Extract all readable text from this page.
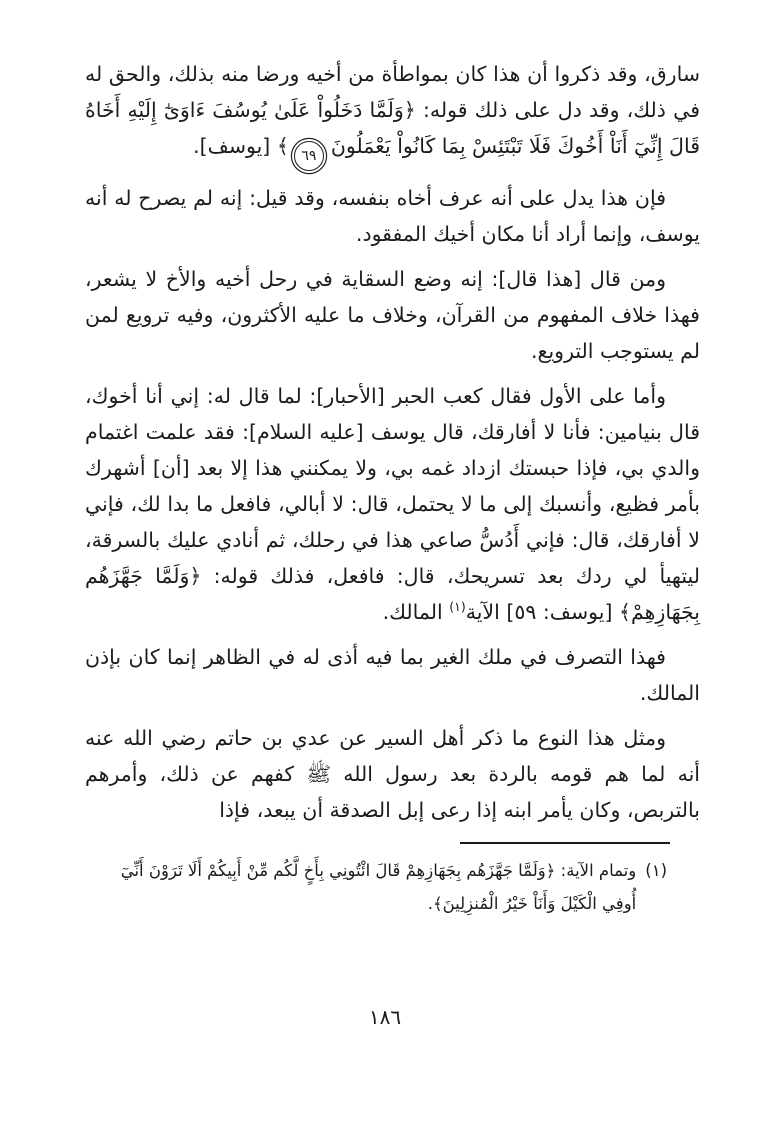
سارق، وقد ذكروا أن هذا كان بمواطأة من أخيه ورضا منه بذلك، والحق له في ذلك، وقد دل على ذلك قوله: ﴿وَلَمَّا دَخَلُواْ عَلَىٰ يُوسُفَ ءَاوَىٰٓ إِلَيْهِ أَخَاهُ قَالَ إِنِّيٓ أَنَاْ أَخُوكَ فَلَا تَبْتَئِسْ بِمَا كَانُواْ يَعْمَلُونَ٦٩﴾ [يوسف].

فإن هذا يدل على أنه عرف أخاه بنفسه، وقد قيل: إنه لم يصرح له أنه يوسف، وإنما أراد أنا مكان أخيك المفقود.

ومن قال [هذا قال]: إنه وضع السقاية في رحل أخيه والأخ لا يشعر، فهذا خلاف المفهوم من القرآن، وخلاف ما عليه الأكثرون، وفيه ترويع لمن لم يستوجب الترويع.

وأما على الأول فقال كعب الحبر [الأحبار]: لما قال له: إني أنا أخوك، قال بنيامين: فأنا لا أفارقك، قال يوسف [عليه السلام]: فقد علمت اغتمام والدي بي، فإذا حبستك ازداد غمه بي، ولا يمكنني هذا إلا بعد [أن] أشهرك بأمر فظيع، وأنسبك إلى ما لا يحتمل، قال: لا أبالي، فافعل ما بدا لك، فإني لا أفارقك، قال: فإني أَدُسُّ صاعي هذا في رحلك، ثم أنادي عليك بالسرقة، ليتهيأ لي ردك بعد تسريحك، قال: فافعل، فذلك قوله: ﴿وَلَمَّا جَهَّزَهُم بِجَهَازِهِمْ﴾ [يوسف: ٥٩] الآية$^{(١)}$ المالك.

فهذا التصرف في ملك الغير بما فيه أذى له في الظاهر إنما كان بإذن المالك.

ومثل هذا النوع ما ذكر أهل السير عن عدي بن حاتم رضي الله عنه أنه لما هم قومه بالردة بعد رسول الله ﷺ كفهم عن ذلك، وأمرهم بالتربص، وكان يأمر ابنه إذا رعى إبل الصدقة أن يبعد، فإذا

(١)
وتمام الآية: ﴿وَلَمَّا جَهَّزَهُم بِجَهَازِهِمْ قَالَ ائْتُونِي بِأَخٍ لَّكُم مِّنْ أَبِيكُمْ أَلَا تَرَوْنَ أَنِّيٓ أُوفِي الْكَيْلَ وَأَنَاْ خَيْرُ الْمُنزِلِينَ﴾.
١٨٦
